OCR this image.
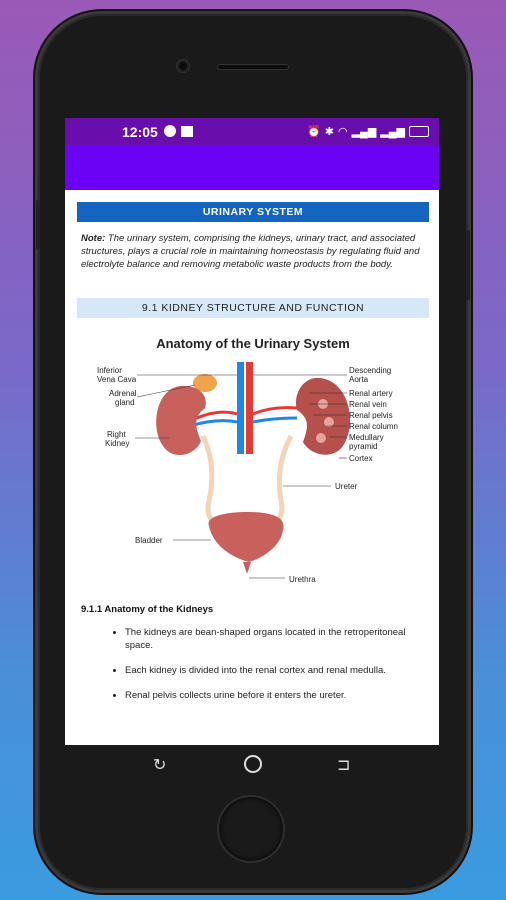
12:05	⏰ ✱ ◠ ▂▄▆ ▂▄▆
URINARY SYSTEM
Note: The urinary system, comprising the kidneys, urinary tract, and associated structures, plays a crucial role in maintaining homeostasis by regulating fluid and electrolyte balance and removing metabolic waste products from the body.
9.1 KIDNEY STRUCTURE AND FUNCTION
Anatomy of the Urinary System
Inferior
Vena Cava
Adrenal
gland
Right
Kidney
Bladder
Descending
Aorta
Renal artery
Renal vein
Renal pelvis
Renal column
Medullary
pyramid
Cortex
Ureter
Urethra
9.1.1 Anatomy of the Kidneys
• The kidneys are bean-shaped organs located in the retroperitoneal space.
• Each kidney is divided into the renal cortex and renal medulla.
• Renal pelvis collects urine before it enters the ureter.
↻	⊐
